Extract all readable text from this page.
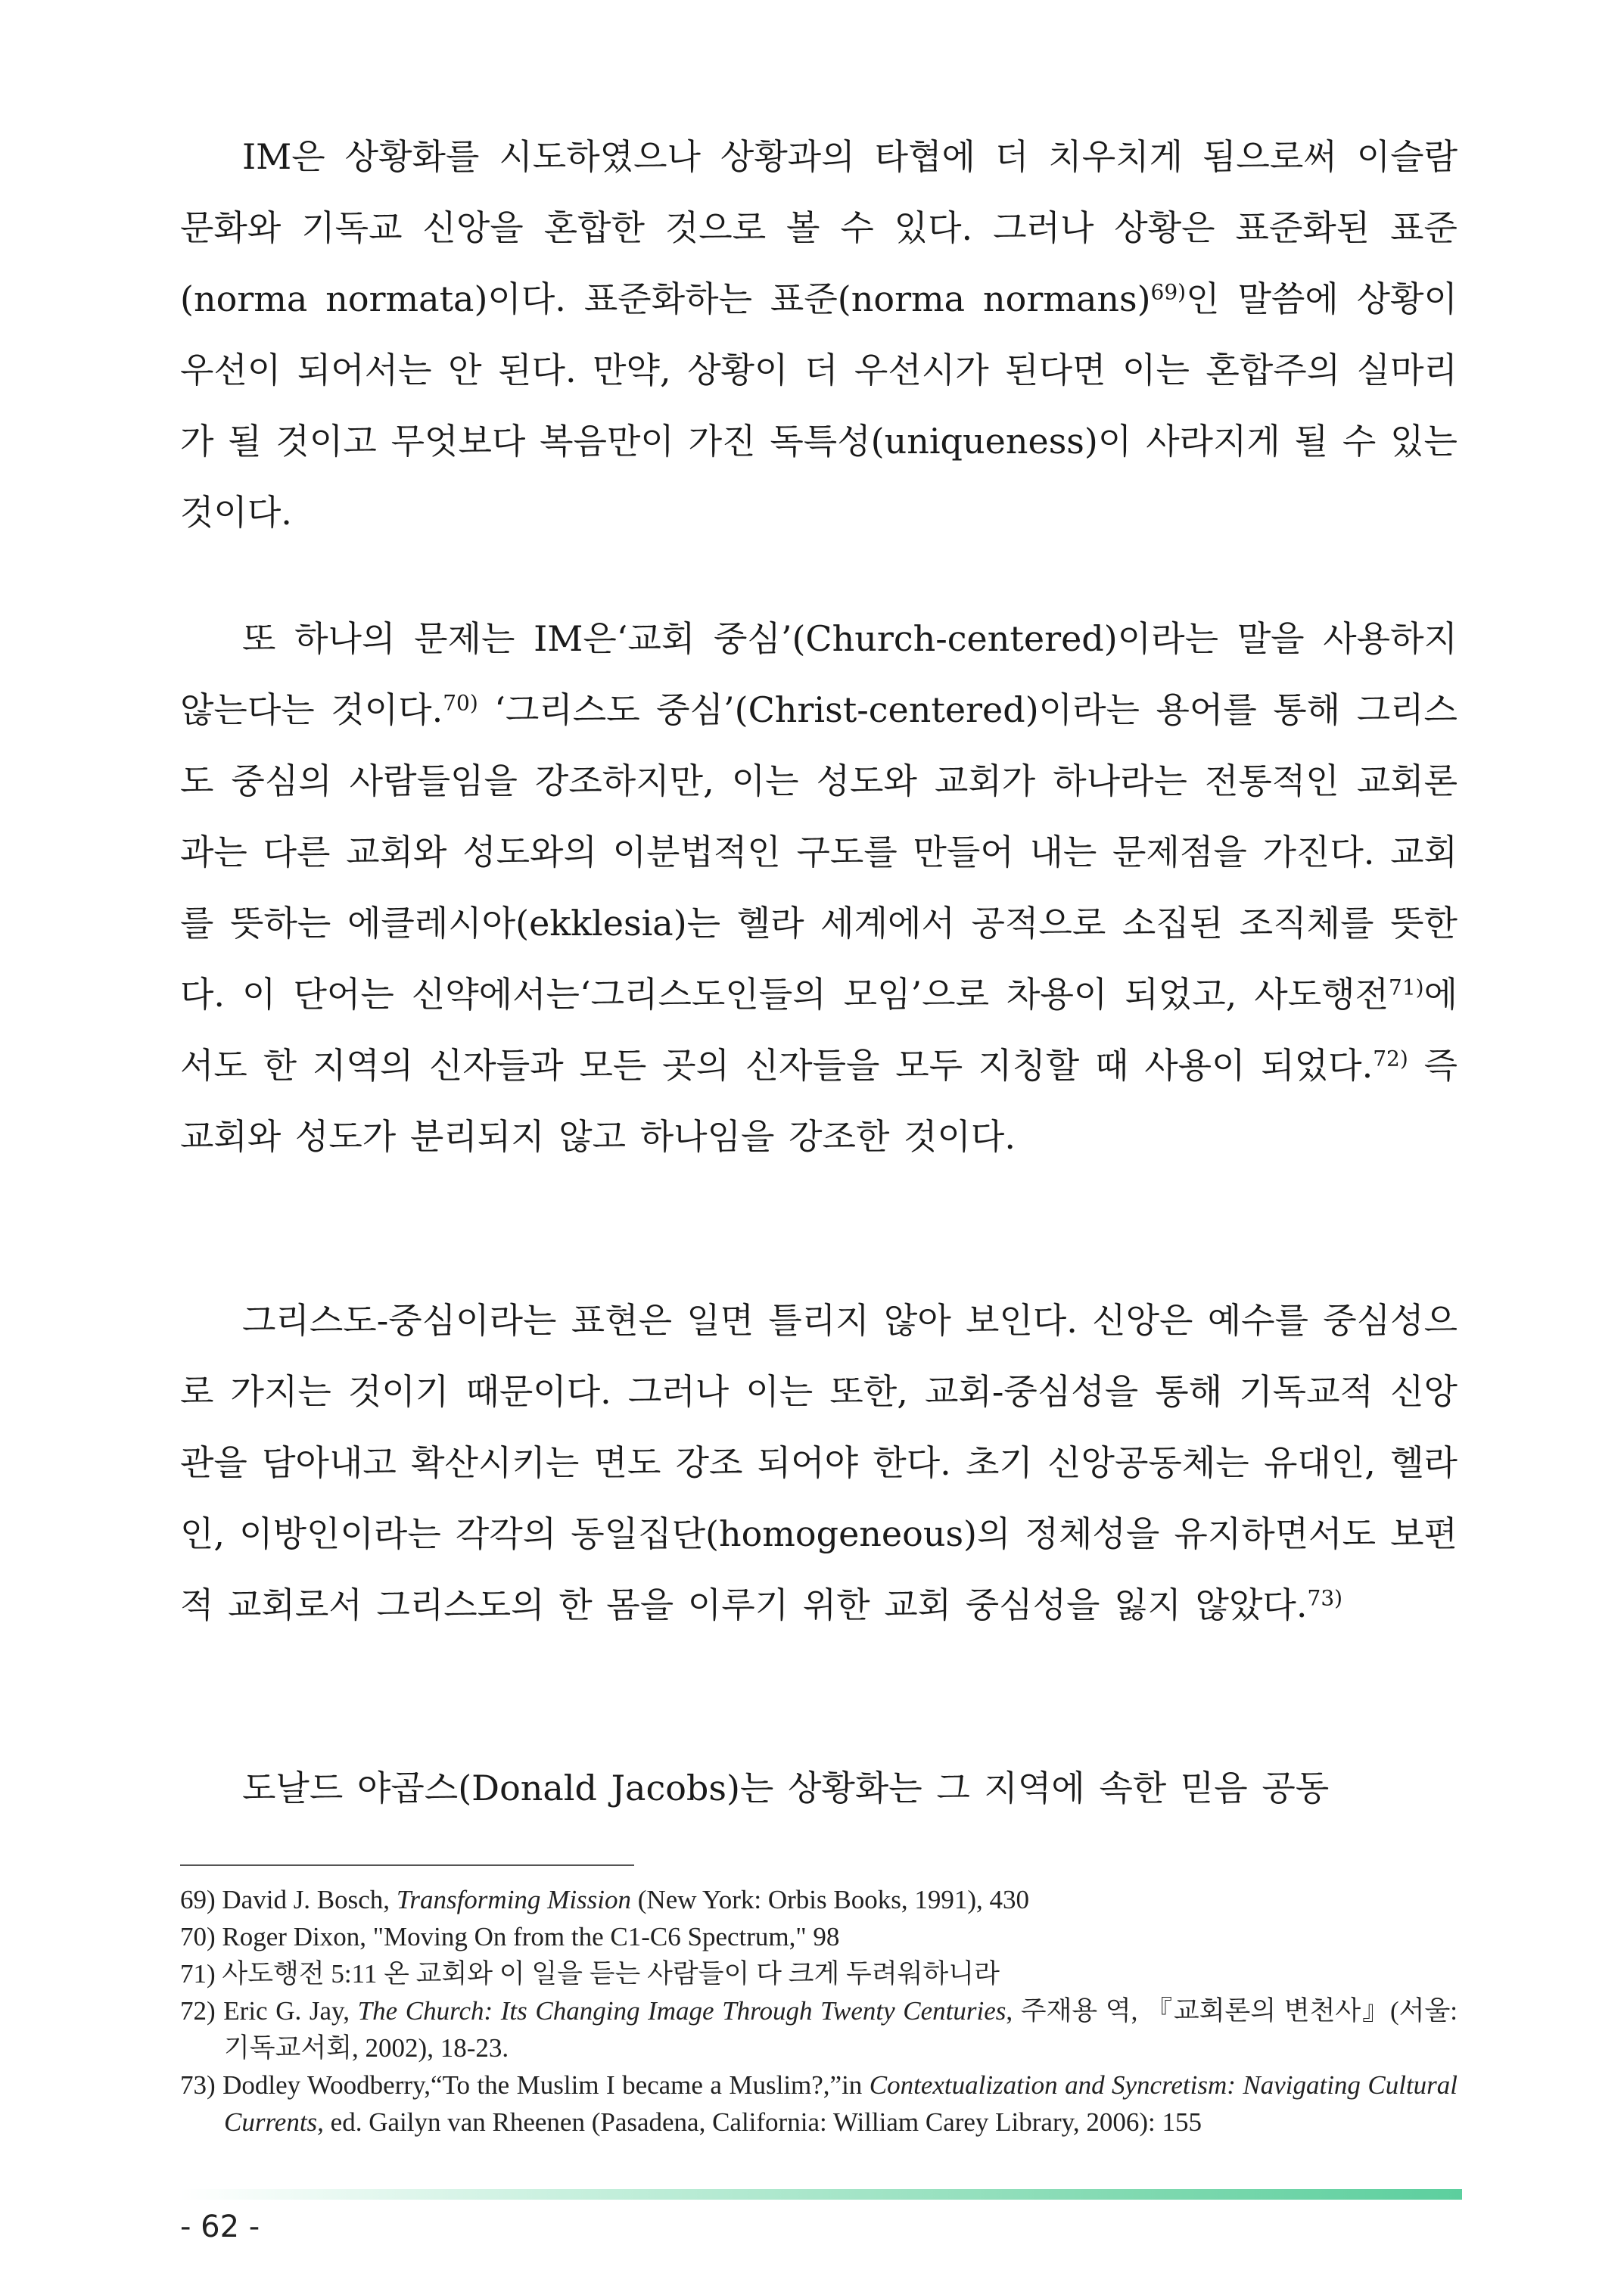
IM은 상황화를 시도하였으나 상황과의 타협에 더 치우치게 됨으로써 이슬람 문화와 기독교 신앙을 혼합한 것으로 볼 수 있다. 그러나 상황은 표준화된 표준(norma normata)이다. 표준화하는 표준(norma normans)$^{69)}$인 말씀에 상황이 우선이 되어서는 안 된다. 만약, 상황이 더 우선시가 된다면 이는 혼합주의 실마리가 될 것이고 무엇보다 복음만이 가진 독특성(uniqueness)이 사라지게 될 수 있는 것이다.

또 하나의 문제는 IM은‘교회 중심’(Church-centered)이라는 말을 사용하지 않는다는 것이다.$^{70)}$ ‘그리스도 중심’(Christ-centered)이라는 용어를 통해 그리스도 중심의 사람들임을 강조하지만, 이는 성도와 교회가 하나라는 전통적인 교회론과는 다른 교회와 성도와의 이분법적인 구도를 만들어 내는 문제점을 가진다. 교회를 뜻하는 에클레시아(ekklesia)는 헬라 세계에서 공적으로 소집된 조직체를 뜻한다. 이 단어는 신약에서는‘그리스도인들의 모임’으로 차용이 되었고, 사도행전$^{71)}$에서도 한 지역의 신자들과 모든 곳의 신자들을 모두 지칭할 때 사용이 되었다.$^{72)}$ 즉 교회와 성도가 분리되지 않고 하나임을 강조한 것이다.

그리스도-중심이라는 표현은 일면 틀리지 않아 보인다. 신앙은 예수를 중심성으로 가지는 것이기 때문이다. 그러나 이는 또한, 교회-중심성을 통해 기독교적 신앙관을 담아내고 확산시키는 면도 강조 되어야 한다. 초기 신앙공동체는 유대인, 헬라인, 이방인이라는 각각의 동일집단(homogeneous)의 정체성을 유지하면서도 보편적 교회로서 그리스도의 한 몸을 이루기 위한 교회 중심성을 잃지 않았다.$^{73)}$

도날드 야곱스(Donald Jacobs)는 상황화는 그 지역에 속한 믿음 공동

69) David J. Bosch, Transforming Mission (New York: Orbis Books, 1991), 430

70) Roger Dixon, "Moving On from the C1-C6 Spectrum," 98

71) 사도행전 5:11 온 교회와 이 일을 듣는 사람들이 다 크게 두려워하니라

72) Eric G. Jay, The Church: Its Changing Image Through Twenty Centuries, 주재용 역, 『교회론의 변천사』(서울: 기독교서회, 2002), 18-23.

73) Dodley Woodberry,“To the Muslim I became a Muslim?,”in Contextualization and Syncretism: Navigating Cultural Currents, ed. Gailyn van Rheenen (Pasadena, California: William Carey Library, 2006): 155

- 62 -
